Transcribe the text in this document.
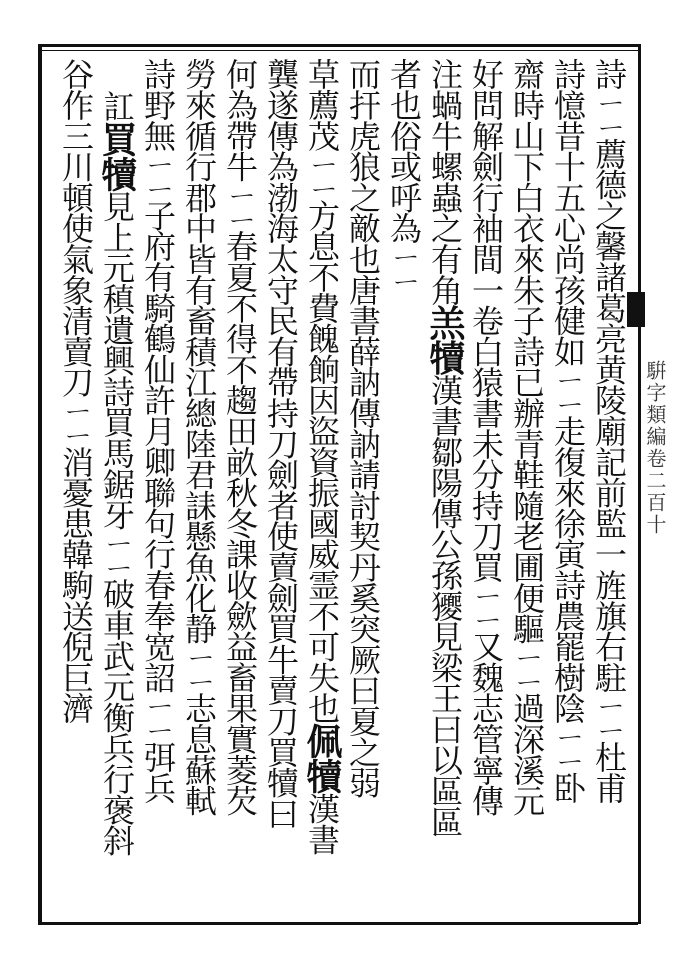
騈字類編卷二百十
詩ㄧㄧ薦德之馨諸葛亮黄陵廟記前監一旌旗右駐ㄧㄧ杜甫
詩憶昔十五心尚孩健如ㄧㄧ走復來徐寅詩農罷樹陰ㄧㄧ卧
齋時山下白衣來朱子詩已辦青鞋隨老圃便驅ㄧㄧ過深溪元
好問解劍行袖間一卷白猿書未分持刀買ㄧㄧ又魏志管寧傳
注蝸牛螺蟲之有角羔犢漢書鄒陽傳公孫獿見梁王曰以區區
者也俗或呼為ㄧㄧ
而扞虎狼之敵也唐書薛訥傳訥請討契丹奚突厥曰夏之弱
草薦茂ㄧㄧ方息不費餽餉因盜資振國威霊不可失也佩犢漢書
龔遂傳為渤海太守民有帶持刀劍者使賣劍買牛賣刀買犢曰
何為帶牛ㄧㄧ春夏不得不趨田畝秋冬課收歛益畜果實菱芡
勞來循行郡中皆有畜積江總陸君誄懸魚化静ㄧㄧ志息蘇軾
詩野無ㄧㄧ子府有騎鶴仙許月卿聯句行春奉宽詔ㄧㄧ弭兵
訌買犢見上元稹遺興詩買馬鋸牙ㄧㄧ破車武元衡兵行褒斜
谷作三川頓使氣象清賣刀ㄧㄧ消憂患韓駒送倪巨濟
